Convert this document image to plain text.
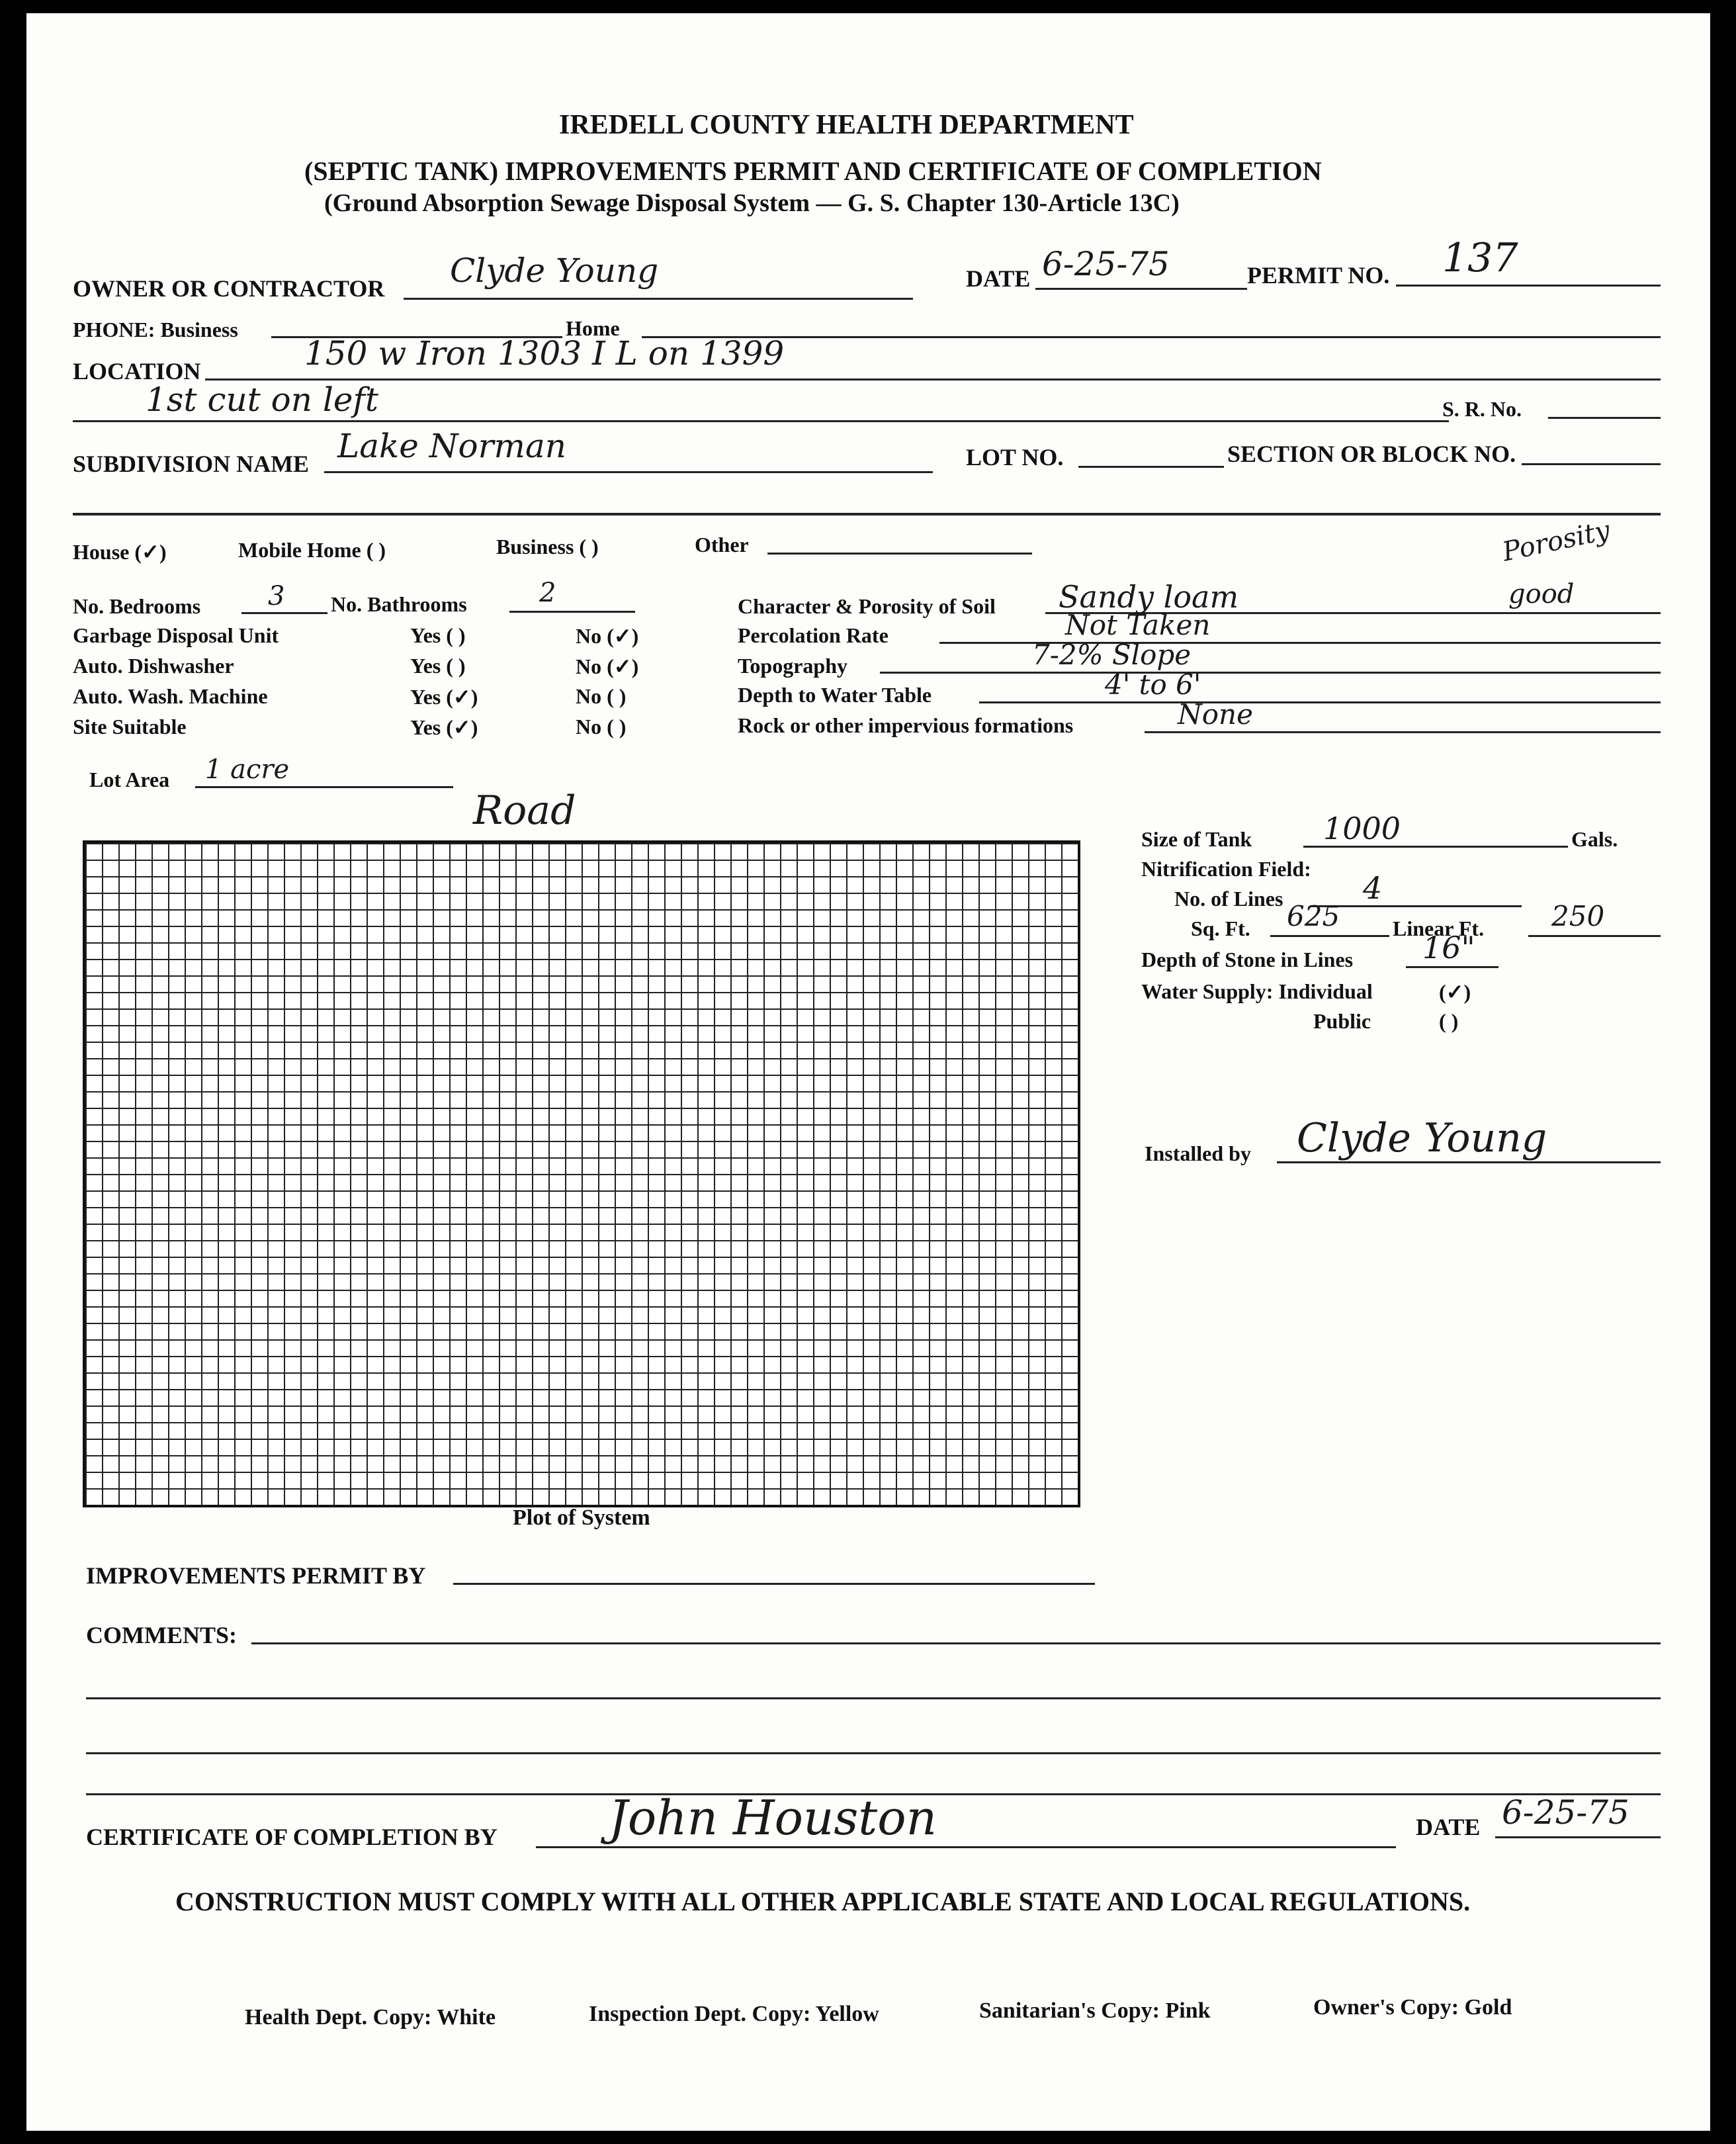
IREDELL COUNTY HEALTH DEPARTMENT
(SEPTIC TANK) IMPROVEMENTS PERMIT AND CERTIFICATE OF COMPLETION
(Ground Absorption Sewage Disposal System — G. S. Chapter 130-Article 13C)
OWNER OR CONTRACTOR Clyde Young	DATE 6-25-75	PERMIT NO. 137
PHONE: Business	Home
LOCATION	150 w Iron 1303 I L on 1399
1st cut on left	S. R. No.
SUBDIVISION NAME Lake Norman	LOT NO.	SECTION OR BLOCK NO.
House (✓)	Mobile Home ( )	Business ( )	Other
No. Bedrooms	3 No. Bathrooms	2
Garbage Disposal Unit	Yes ( )	No (✓)
Auto. Dishwasher	Yes ( )	No (✓)
Auto. Wash. Machine	Yes (✓)	No ( )
Site Suitable	Yes (✓)	No ( )
Lot Area 1 acre
Character & Porosity of Soil Sandy loam
Porosity
good
Percolation Rate	Not Taken
Topography	7-2% Slope
Depth to Water Table	4' to 6'
Rock or other impervious formations	None
Road
Plot of System
Size of Tank 1000	Gals.
Nitrification Field:
No. of Lines	4
Sq. Ft. 625 Linear Ft. 250
Depth of Stone in Lines 16"
Water Supply: Individual	(✓)
Public	( )
Installed by Clyde Young
IMPROVEMENTS PERMIT BY
COMMENTS:
CERTIFICATE OF COMPLETION BY John Houston	DATE 6-25-75
CONSTRUCTION MUST COMPLY WITH ALL OTHER APPLICABLE STATE AND LOCAL REGULATIONS.
Health Dept. Copy: White	Inspection Dept. Copy: Yellow	Sanitarian's Copy: Pink	Owner's Copy: Gold
